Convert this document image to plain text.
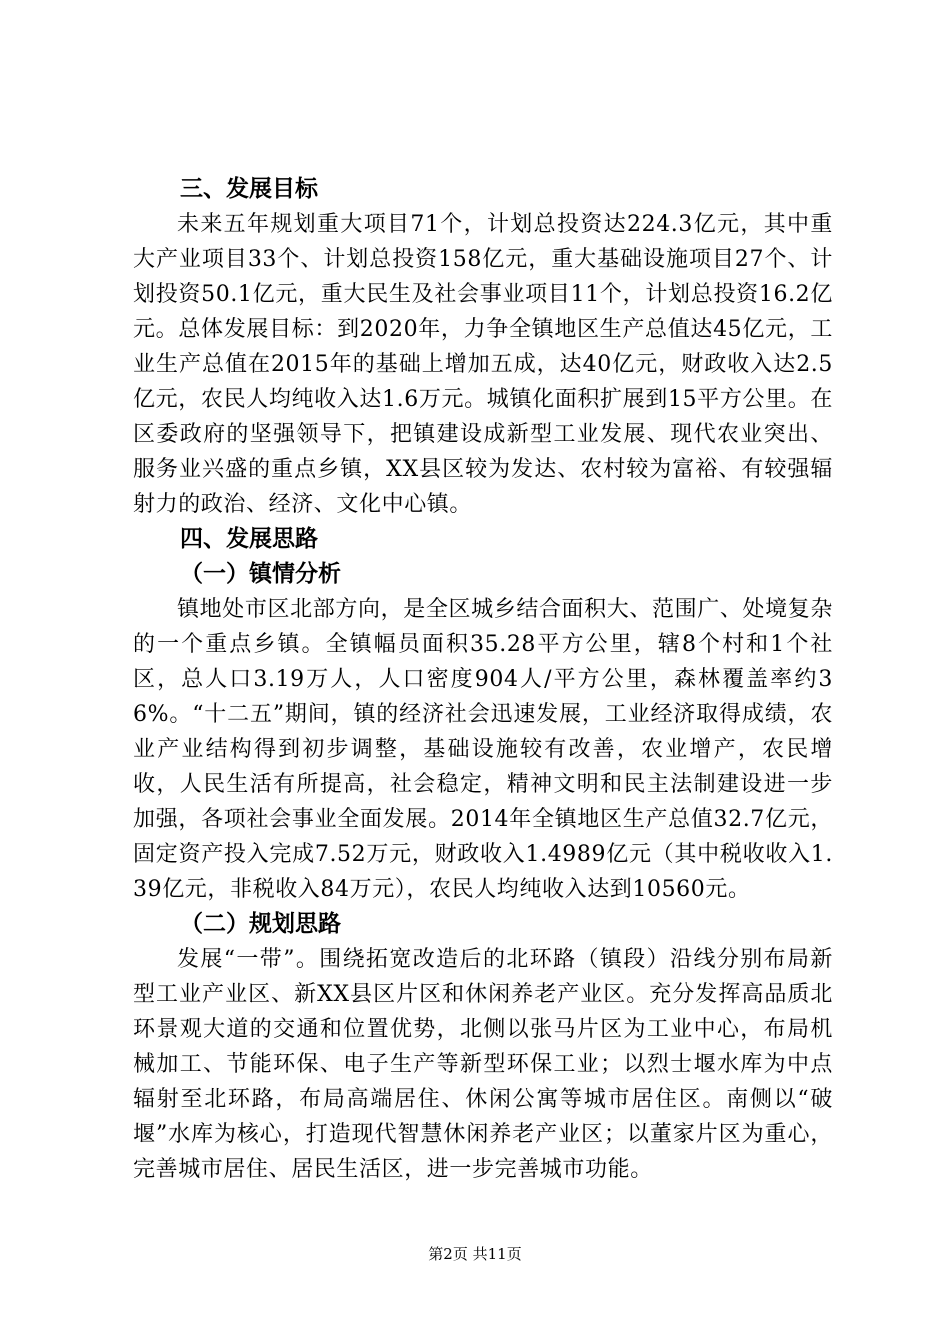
三、发展目标

未来五年规划重大项目71个，计划总投资达224.3亿元，其中重大产业项目33个、计划总投资158亿元，重大基础设施项目27个、计划投资50.1亿元，重大民生及社会事业项目11个，计划总投资16.2亿元。总体发展目标：到2020年，力争全镇地区生产总值达45亿元，工业生产总值在2015年的基础上增加五成，达40亿元，财政收入达2.5亿元，农民人均纯收入达1.6万元。城镇化面积扩展到15平方公里。在区委政府的坚强领导下，把镇建设成新型工业发展、现代农业突出、服务业兴盛的重点乡镇，XX县区较为发达、农村较为富裕、有较强辐射力的政治、经济、文化中心镇。

四、发展思路
（一）镇情分析

镇地处市区北部方向，是全区城乡结合面积大、范围广、处境复杂的一个重点乡镇。全镇幅员面积35.28平方公里，辖8个村和1个社区，总人口3.19万人，人口密度904人/平方公里，森林覆盖率约36%。“十二五”期间，镇的经济社会迅速发展，工业经济取得成绩，农业产业结构得到初步调整，基础设施较有改善，农业增产，农民增收，人民生活有所提高，社会稳定，精神文明和民主法制建设进一步加强，各项社会事业全面发展。2014年全镇地区生产总值32.7亿元，固定资产投入完成7.52万元，财政收入1.4989亿元（其中税收收入1.39亿元，非税收入84万元），农民人均纯收入达到10560元。

（二）规划思路

发展“一带”。围绕拓宽改造后的北环路（镇段）沿线分别布局新型工业产业区、新XX县区片区和休闲养老产业区。充分发挥高品质北环景观大道的交通和位置优势，北侧以张马片区为工业中心，布局机械加工、节能环保、电子生产等新型环保工业；以烈士堰水库为中点辐射至北环路，布局高端居住、休闲公寓等城市居住区。南侧以“破堰”水库为核心，打造现代智慧休闲养老产业区；以董家片区为重心，完善城市居住、居民生活区，进一步完善城市功能。

第2页 共11页
